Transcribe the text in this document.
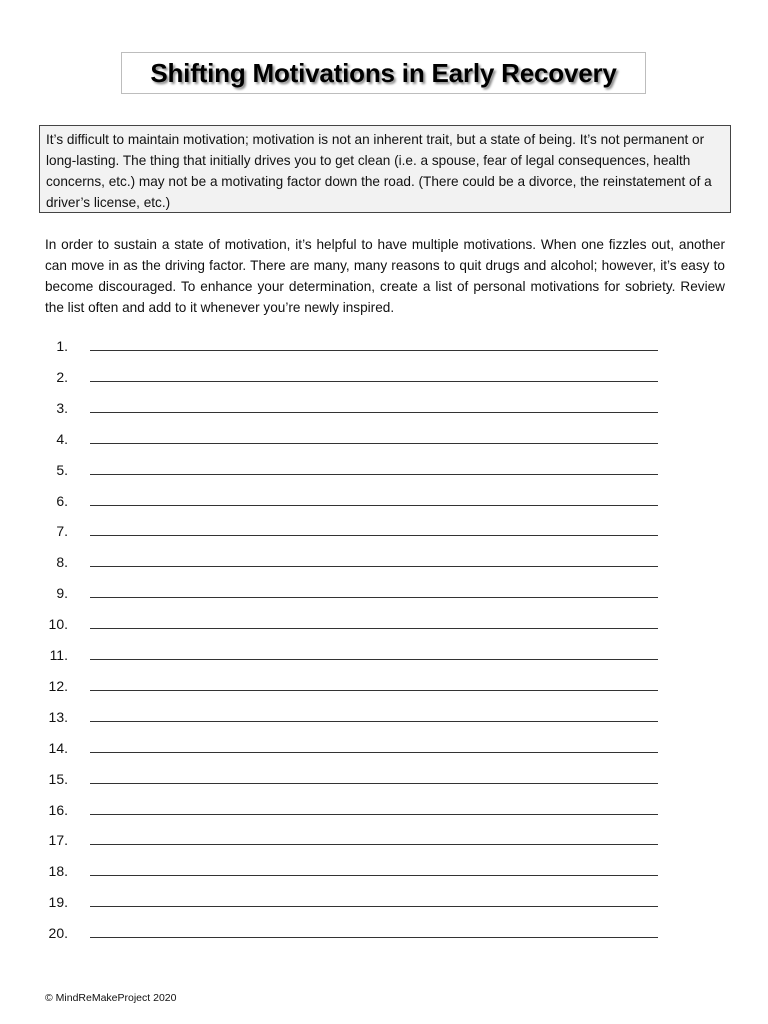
Shifting Motivations in Early Recovery
It’s difficult to maintain motivation; motivation is not an inherent trait, but a state of being. It’s not permanent or long-lasting. The thing that initially drives you to get clean (i.e. a spouse, fear of legal consequences, health concerns, etc.) may not be a motivating factor down the road. (There could be a divorce, the reinstatement of a driver’s license, etc.)
In order to sustain a state of motivation, it’s helpful to have multiple motivations. When one fizzles out, another can move in as the driving factor. There are many, many reasons to quit drugs and alcohol; however, it’s easy to become discouraged. To enhance your determination, create a list of personal motivations for sobriety. Review the list often and add to it whenever you’re newly inspired.
1.
2.
3.
4.
5.
6.
7.
8.
9.
10.
11.
12.
13.
14.
15.
16.
17.
18.
19.
20.
© MindReMakeProject 2020
